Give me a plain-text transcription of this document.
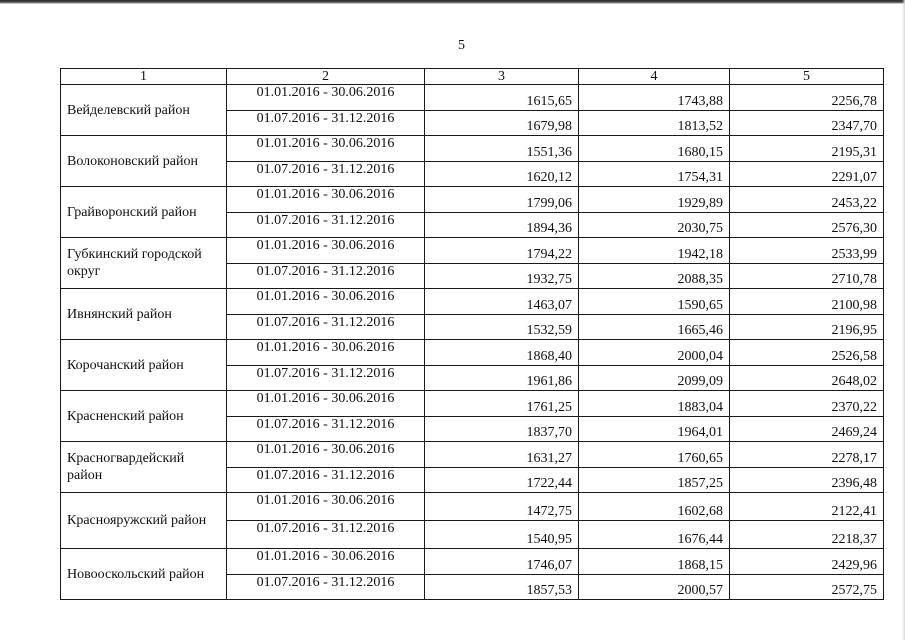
5
1	2	3	4	5
Вейделевский район	01.01.2016 - 30.06.2016	1615,65	1743,88	2256,78
	01.07.2016 - 31.12.2016	1679,98	1813,52	2347,70
Волоконовский район	01.01.2016 - 30.06.2016	1551,36	1680,15	2195,31
	01.07.2016 - 31.12.2016	1620,12	1754,31	2291,07
Грайворонский район	01.01.2016 - 30.06.2016	1799,06	1929,89	2453,22
	01.07.2016 - 31.12.2016	1894,36	2030,75	2576,30
Губкинский городской округ	01.01.2016 - 30.06.2016	1794,22	1942,18	2533,99
	01.07.2016 - 31.12.2016	1932,75	2088,35	2710,78
Ивнянский район	01.01.2016 - 30.06.2016	1463,07	1590,65	2100,98
	01.07.2016 - 31.12.2016	1532,59	1665,46	2196,95
Корочанский район	01.01.2016 - 30.06.2016	1868,40	2000,04	2526,58
	01.07.2016 - 31.12.2016	1961,86	2099,09	2648,02
Красненский район	01.01.2016 - 30.06.2016	1761,25	1883,04	2370,22
	01.07.2016 - 31.12.2016	1837,70	1964,01	2469,24
Красногвардейский район	01.01.2016 - 30.06.2016	1631,27	1760,65	2278,17
	01.07.2016 - 31.12.2016	1722,44	1857,25	2396,48
Краснояружский район	01.01.2016 - 30.06.2016	1472,75	1602,68	2122,41
	01.07.2016 - 31.12.2016	1540,95	1676,44	2218,37
Новооскольский район	01.01.2016 - 30.06.2016	1746,07	1868,15	2429,96
	01.07.2016 - 31.12.2016	1857,53	2000,57	2572,75
